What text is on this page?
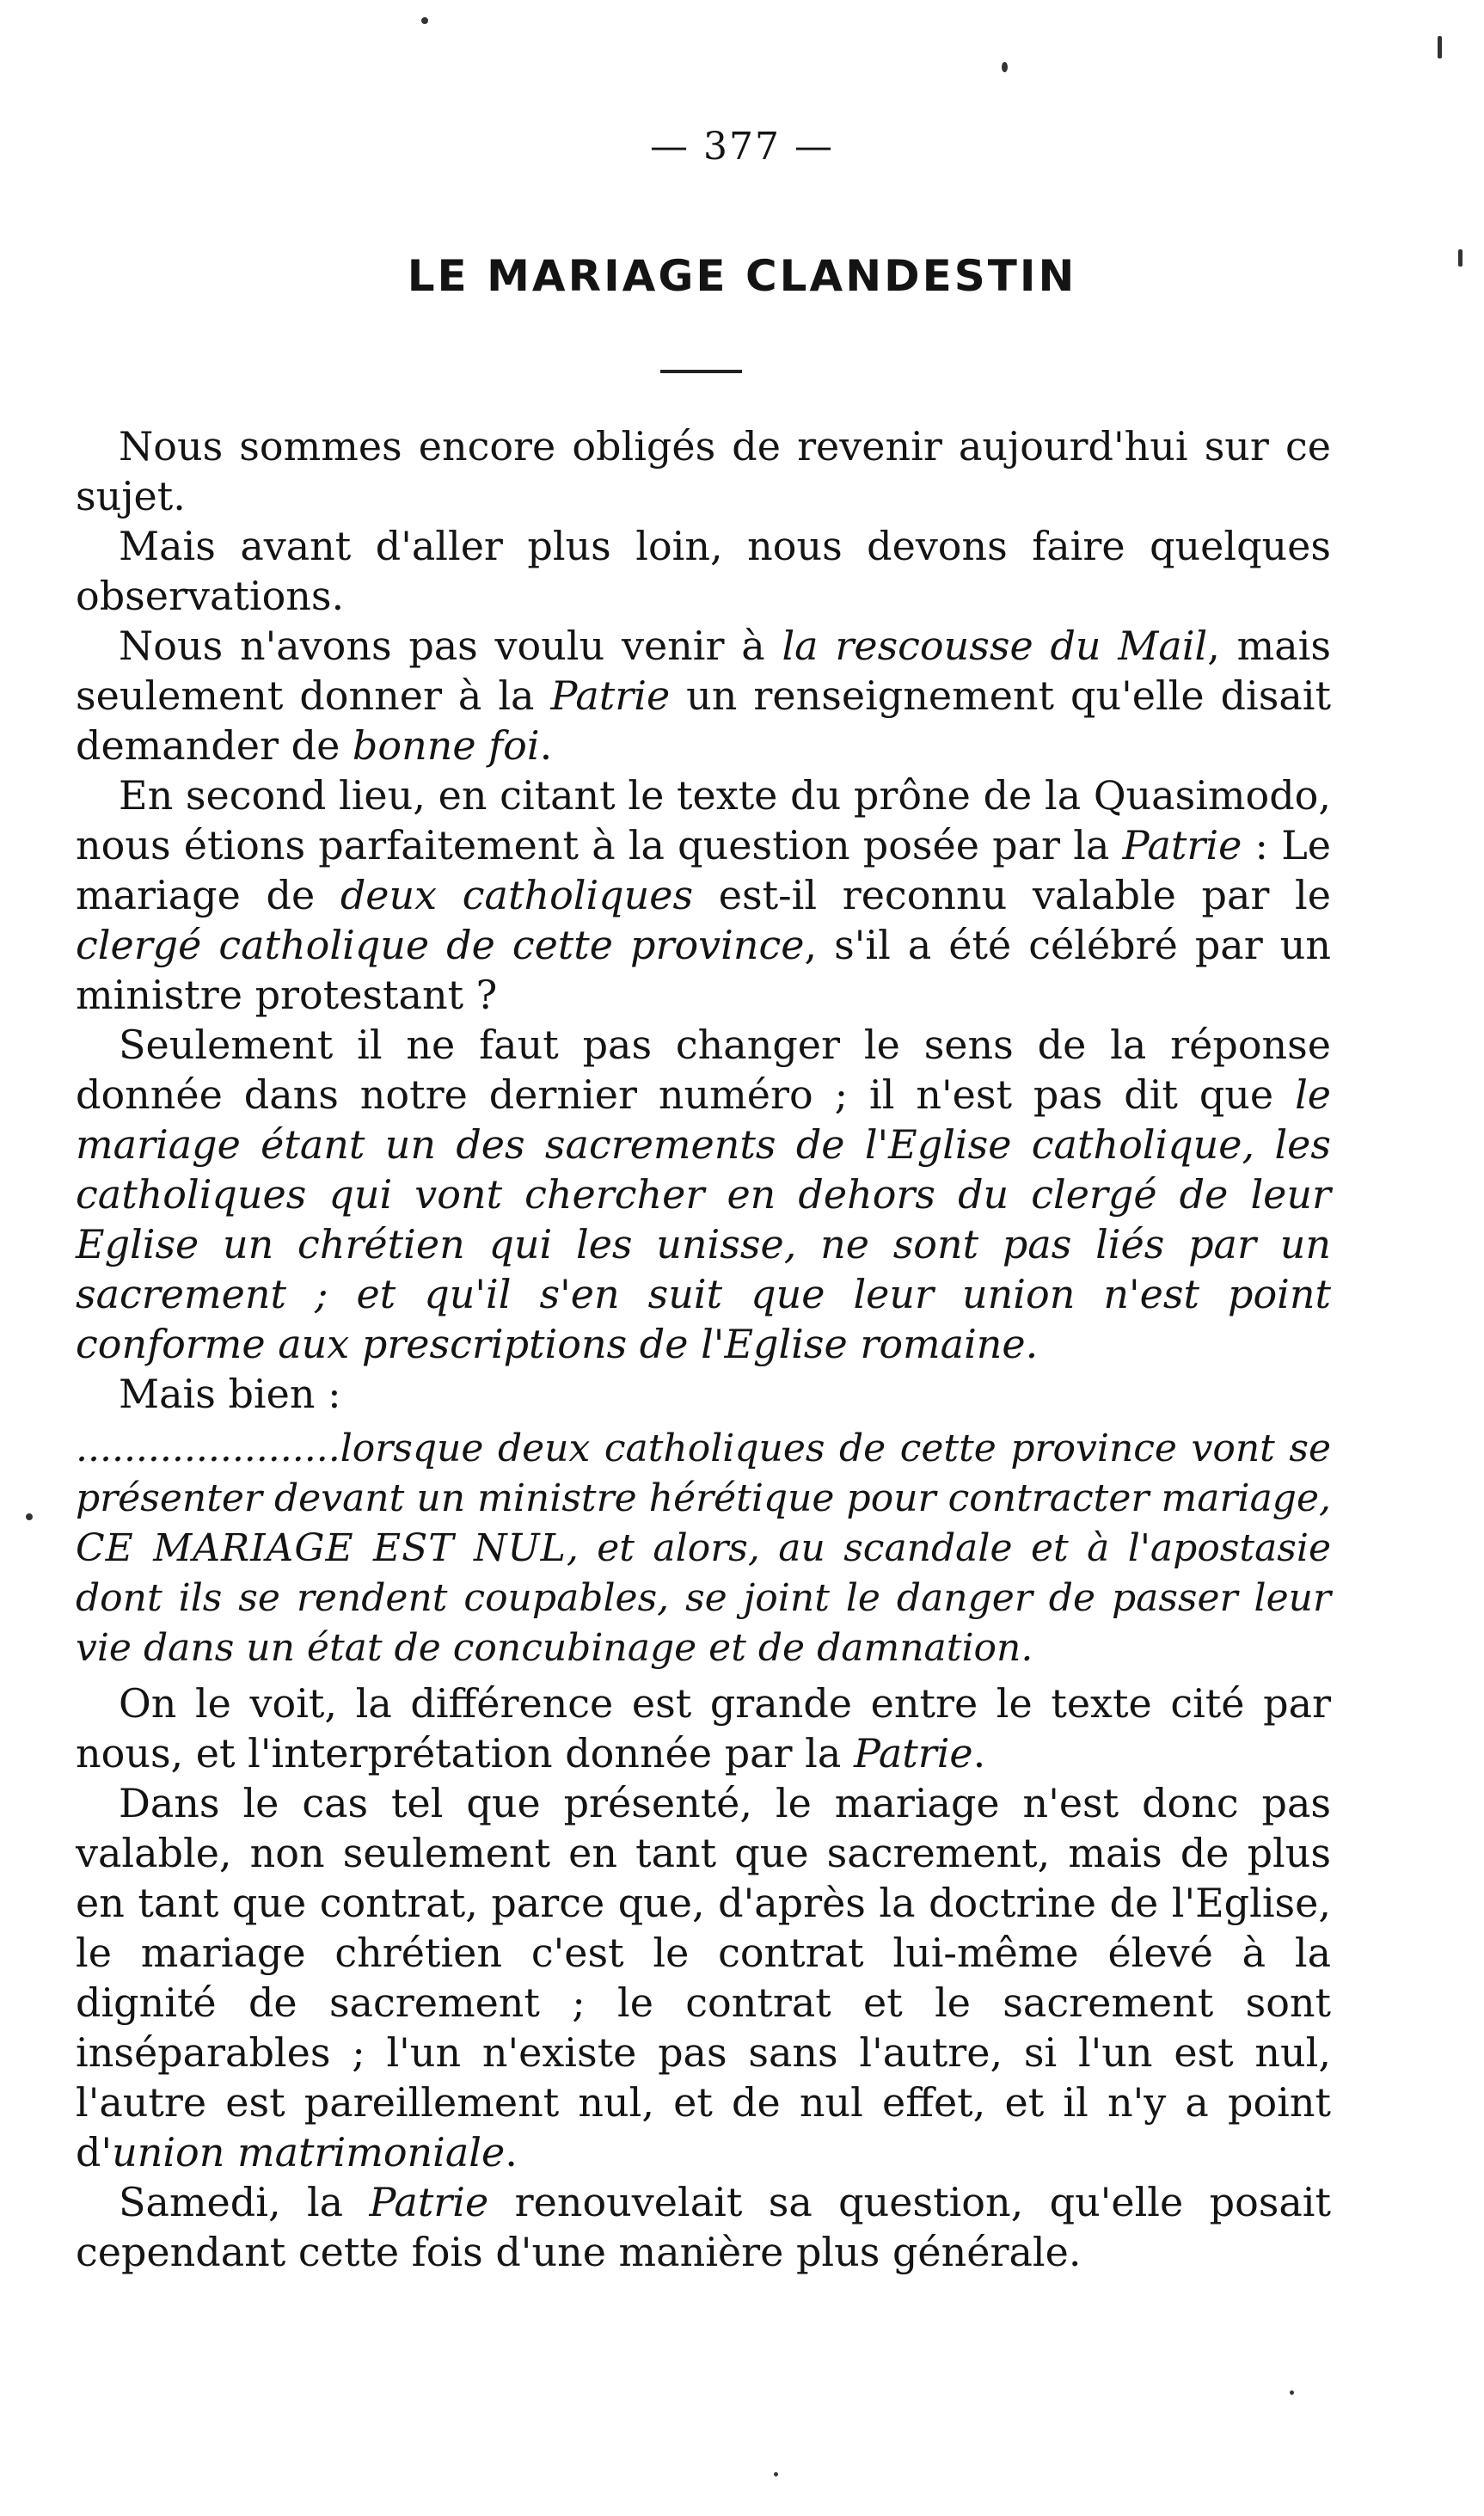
— 377 —
LE MARIAGE CLANDESTIN

Nous sommes encore obligés de revenir aujourd'hui sur ce sujet.

Mais avant d'aller plus loin, nous devons faire quelques observations.

Nous n'avons pas voulu venir à la rescousse du Mail, mais seulement donner à la Patrie un renseignement qu'elle disait demander de bonne foi.

En second lieu, en citant le texte du prône de la Quasimodo, nous étions parfaitement à la question posée par la Patrie : Le mariage de deux catholiques est-il reconnu valable par le clergé catholique de cette province, s'il a été célébré par un ministre protestant ?

Seulement il ne faut pas changer le sens de la réponse donnée dans notre dernier numéro ; il n'est pas dit que le mariage étant un des sacrements de l'Eglise catholique, les catholiques qui vont chercher en dehors du clergé de leur Eglise un chrétien qui les unisse, ne sont pas liés par un sacrement ; et qu'il s'en suit que leur union n'est point conforme aux prescriptions de l'Eglise romaine.

Mais bien :

......................lorsque deux catholiques de cette province vont se présenter devant un ministre hérétique pour contracter mariage, CE MARIAGE EST NUL, et alors, au scandale et à l'apostasie dont ils se rendent coupables, se joint le danger de passer leur vie dans un état de concubinage et de damnation.

On le voit, la différence est grande entre le texte cité par nous, et l'interprétation donnée par la Patrie.

Dans le cas tel que présenté, le mariage n'est donc pas valable, non seulement en tant que sacrement, mais de plus en tant que contrat, parce que, d'après la doctrine de l'Eglise, le mariage chrétien c'est le contrat lui-même élevé à la dignité de sacrement ; le contrat et le sacrement sont inséparables ; l'un n'existe pas sans l'autre, si l'un est nul, l'autre est pareillement nul, et de nul effet, et il n'y a point d'union matrimoniale.

Samedi, la Patrie renouvelait sa question, qu'elle posait cependant cette fois d'une manière plus générale.
